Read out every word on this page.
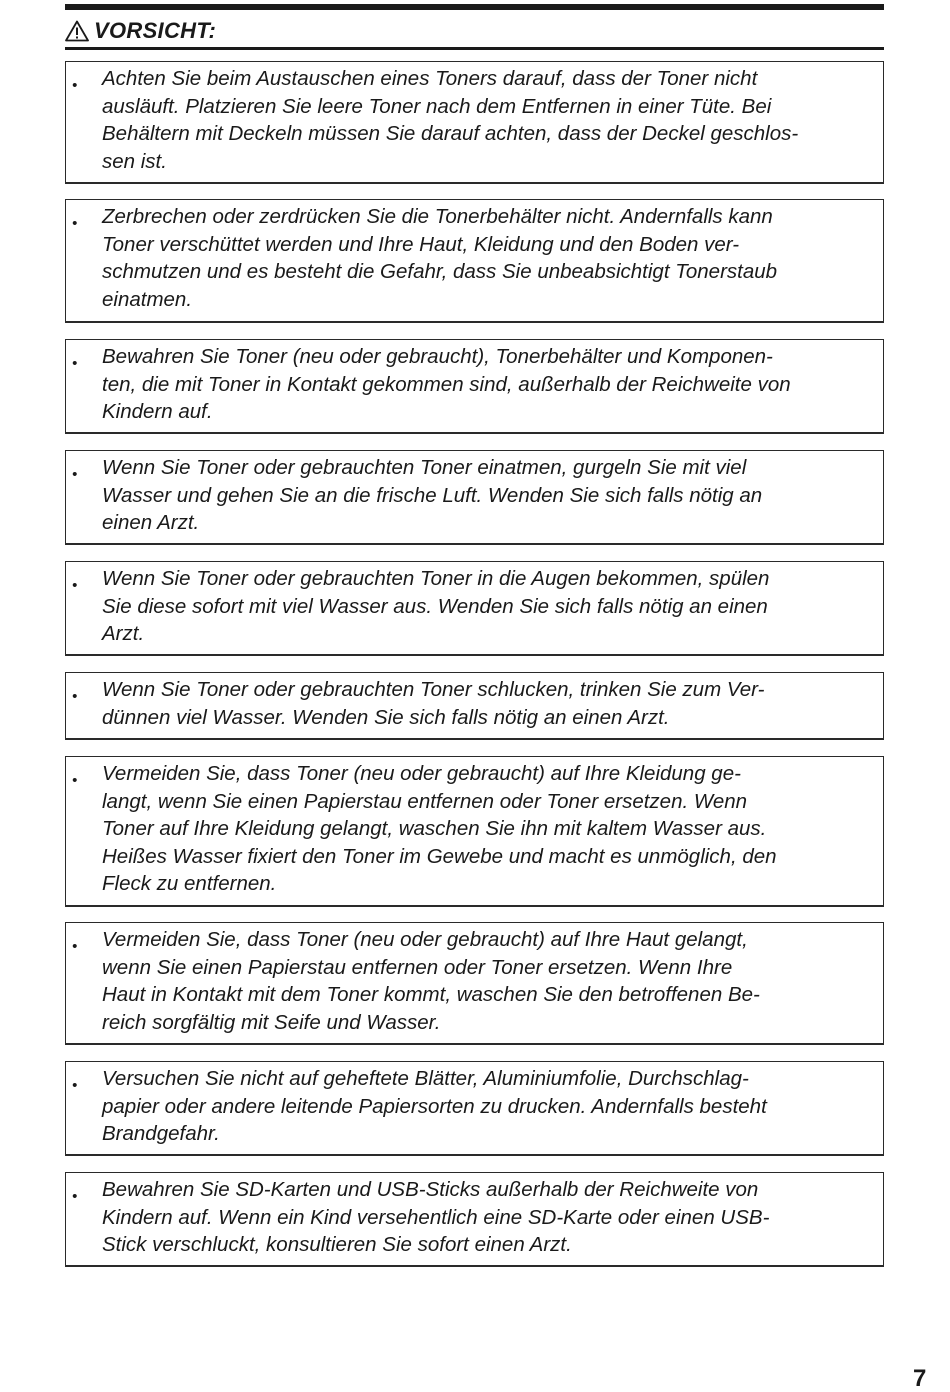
VORSICHT:
• Achten Sie beim Austauschen eines Toners darauf, dass der Toner nicht
ausläuft. Platzieren Sie leere Toner nach dem Entfernen in einer Tüte. Bei
Behältern mit Deckeln müssen Sie darauf achten, dass der Deckel geschlos-
sen ist.
• Zerbrechen oder zerdrücken Sie die Tonerbehälter nicht. Andernfalls kann
Toner verschüttet werden und Ihre Haut, Kleidung und den Boden ver-
schmutzen und es besteht die Gefahr, dass Sie unbeabsichtigt Tonerstaub
einatmen.
• Bewahren Sie Toner (neu oder gebraucht), Tonerbehälter und Komponen-
ten, die mit Toner in Kontakt gekommen sind, außerhalb der Reichweite von
Kindern auf.
• Wenn Sie Toner oder gebrauchten Toner einatmen, gurgeln Sie mit viel
Wasser und gehen Sie an die frische Luft. Wenden Sie sich falls nötig an
einen Arzt.
• Wenn Sie Toner oder gebrauchten Toner in die Augen bekommen, spülen
Sie diese sofort mit viel Wasser aus. Wenden Sie sich falls nötig an einen
Arzt.
• Wenn Sie Toner oder gebrauchten Toner schlucken, trinken Sie zum Ver-
dünnen viel Wasser. Wenden Sie sich falls nötig an einen Arzt.
• Vermeiden Sie, dass Toner (neu oder gebraucht) auf Ihre Kleidung ge-
langt, wenn Sie einen Papierstau entfernen oder Toner ersetzen. Wenn
Toner auf Ihre Kleidung gelangt, waschen Sie ihn mit kaltem Wasser aus.
Heißes Wasser fixiert den Toner im Gewebe und macht es unmöglich, den
Fleck zu entfernen.
• Vermeiden Sie, dass Toner (neu oder gebraucht) auf Ihre Haut gelangt,
wenn Sie einen Papierstau entfernen oder Toner ersetzen. Wenn Ihre
Haut in Kontakt mit dem Toner kommt, waschen Sie den betroffenen Be-
reich sorgfältig mit Seife und Wasser.
• Versuchen Sie nicht auf geheftete Blätter, Aluminiumfolie, Durchschlag-
papier oder andere leitende Papiersorten zu drucken. Andernfalls besteht
Brandgefahr.
• Bewahren Sie SD-Karten und USB-Sticks außerhalb der Reichweite von
Kindern auf. Wenn ein Kind versehentlich eine SD-Karte oder einen USB-
Stick verschluckt, konsultieren Sie sofort einen Arzt.
7
